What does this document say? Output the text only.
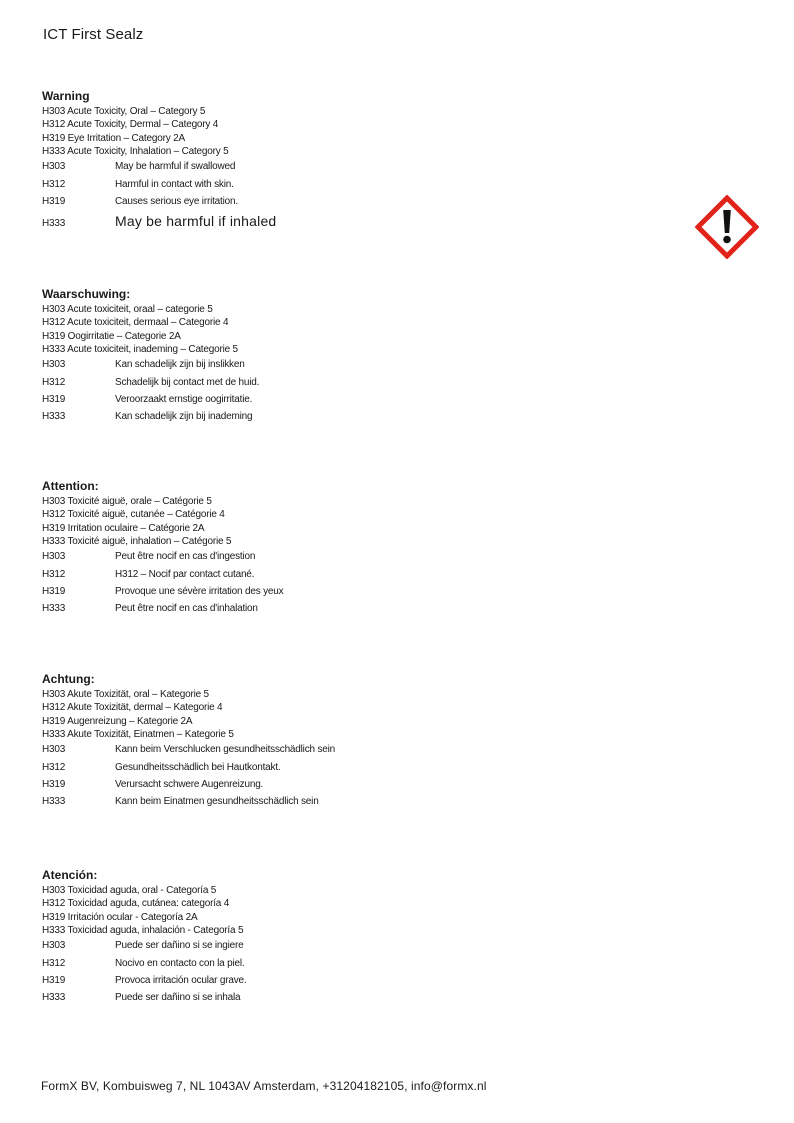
ICT First Sealz
Warning
H303 Acute Toxicity, Oral – Category 5
H312 Acute Toxicity, Dermal – Category 4
H319 Eye Irritation – Category 2A
H333 Acute Toxicity, Inhalation – Category 5
H303	May be harmful if swallowed
H312	Harmful in contact with skin.
H319	Causes serious eye irritation.
H333	May be harmful if inhaled
Waarschuwing:
H303 Acute toxiciteit, oraal – categorie 5
H312 Acute toxiciteit, dermaal – Categorie 4
H319 Oogirritatie – Categorie 2A
H333 Acute toxiciteit, inademing – Categorie 5
H303	Kan schadelijk zijn bij inslikken
H312	Schadelijk bij contact met de huid.
H319	Veroorzaakt ernstige oogirritatie.
H333	Kan schadelijk zijn bij inademing
Attention:
H303 Toxicité aiguë, orale – Catégorie 5
H312 Toxicité aiguë, cutanée – Catégorie 4
H319 Irritation oculaire – Catégorie 2A
H333 Toxicité aiguë, inhalation – Catégorie 5
H303	Peut être nocif en cas d'ingestion
H312	H312 – Nocif par contact cutané.
H319	Provoque une sévère irritation des yeux
H333	Peut être nocif en cas d'inhalation
Achtung:
H303 Akute Toxizität, oral – Kategorie 5
H312 Akute Toxizität, dermal – Kategorie 4
H319 Augenreizung – Kategorie 2A
H333 Akute Toxizität, Einatmen – Kategorie 5
H303	Kann beim Verschlucken gesundheitsschädlich sein
H312	Gesundheitsschädlich bei Hautkontakt.
H319	Verursacht schwere Augenreizung.
H333	Kann beim Einatmen gesundheitsschädlich sein
Atención:
H303 Toxicidad aguda, oral - Categoría 5
H312 Toxicidad aguda, cutánea: categoría 4
H319 Irritación ocular - Categoría 2A
H333 Toxicidad aguda, inhalación - Categoría 5
H303	Puede ser dañino si se ingiere
H312	Nocivo en contacto con la piel.
H319	Provoca irritación ocular grave.
H333	Puede ser dañino si se inhala
FormX BV, Kombuisweg 7, NL 1043AV Amsterdam, +31204182105, info@formx.nl
